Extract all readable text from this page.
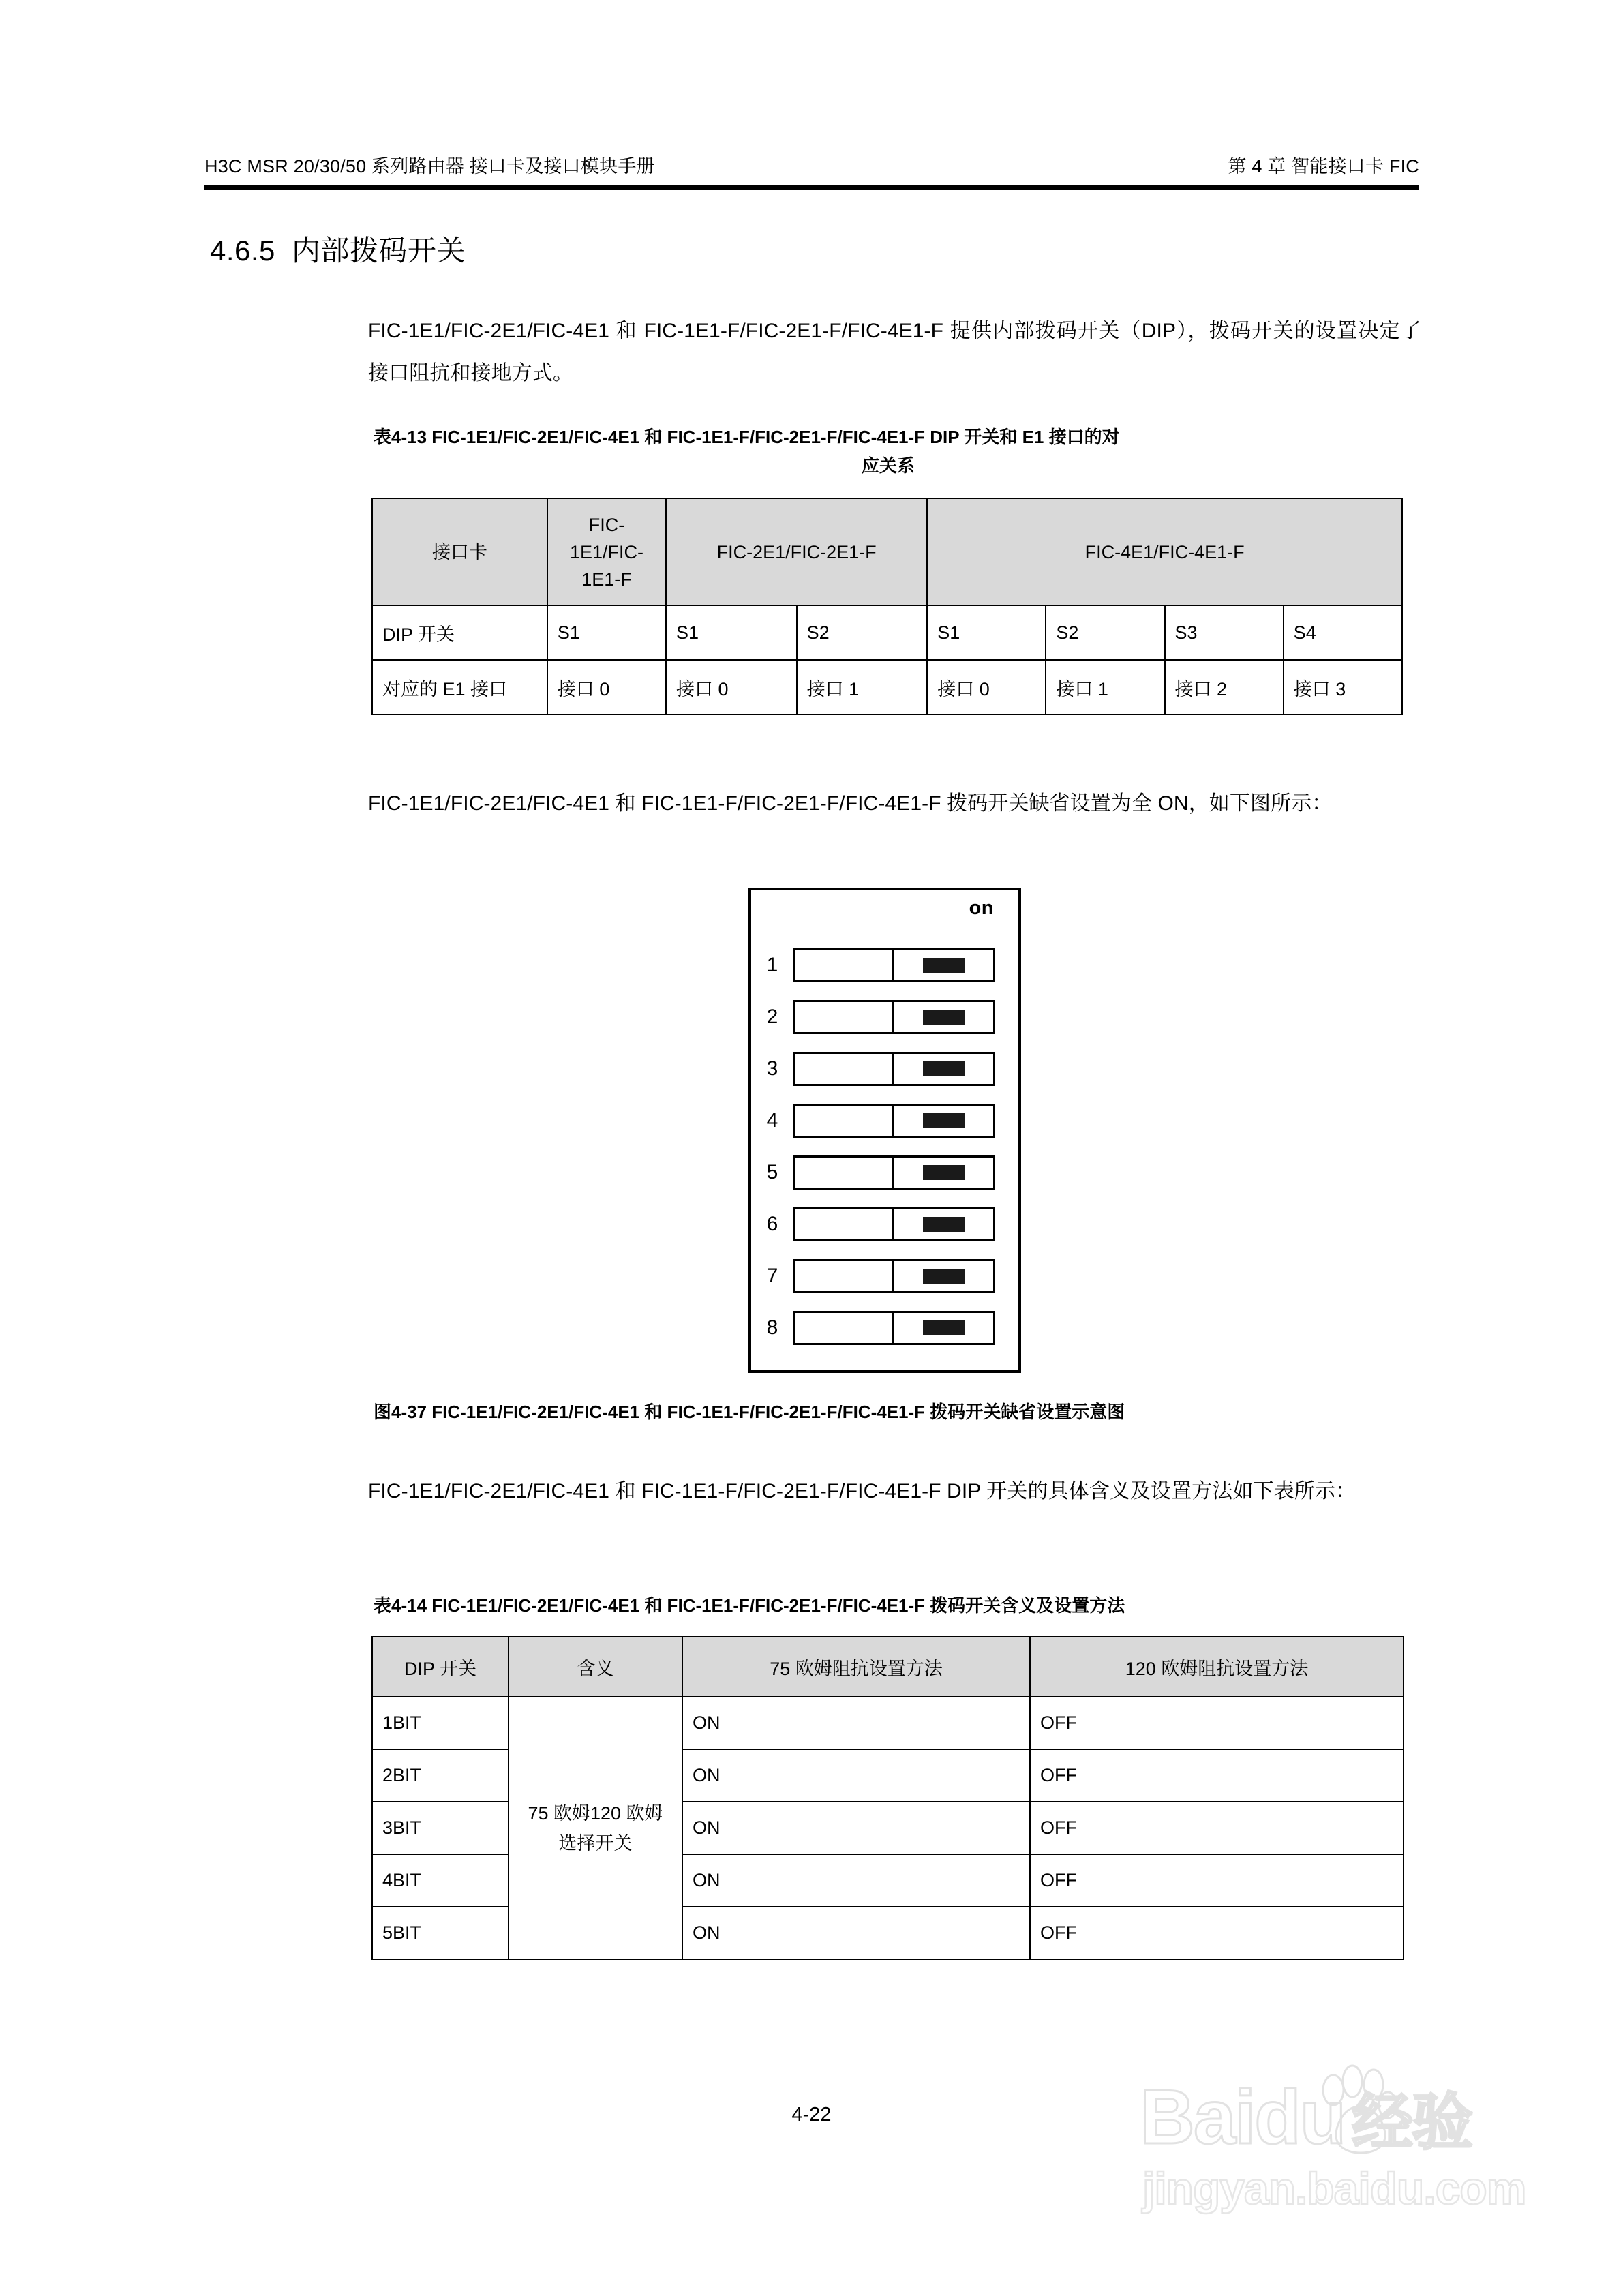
H3C MSR 20/30/50 系列路由器 接口卡及接口模块手册	第 4 章 智能接口卡 FIC
4.6.5 内部拨码开关
FIC-1E1/FIC-2E1/FIC-4E1 和 FIC-1E1-F/FIC-2E1-F/FIC-4E1-F 提供内部拨码开关（DIP），拨码开关的设置决定了接口阻抗和接地方式。
表4-13 FIC-1E1/FIC-2E1/FIC-4E1 和 FIC-1E1-F/FIC-2E1-F/FIC-4E1-F DIP 开关和 E1 接口的对
应关系
接口卡	FIC-1E1/FIC-1E1-F	FIC-2E1/FIC-2E1-F		FIC-4E1/FIC-4E1-F			
DIP 开关	S1	S1	S2	S1	S2	S3	S4
对应的 E1 接口	接口 0	接口 0	接口 1	接口 0	接口 1	接口 2	接口 3
FIC-1E1/FIC-2E1/FIC-4E1 和 FIC-1E1-F/FIC-2E1-F/FIC-4E1-F 拨码开关缺省设置为全 ON，如下图所示：
on
1
2
3
4
5
6
7
8
图4-37 FIC-1E1/FIC-2E1/FIC-4E1 和 FIC-1E1-F/FIC-2E1-F/FIC-4E1-F 拨码开关缺省设置示意图
FIC-1E1/FIC-2E1/FIC-4E1 和 FIC-1E1-F/FIC-2E1-F/FIC-4E1-F DIP 开关的具体含义及设置方法如下表所示：
表4-14 FIC-1E1/FIC-2E1/FIC-4E1 和 FIC-1E1-F/FIC-2E1-F/FIC-4E1-F 拨码开关含义及设置方法
DIP 开关	含义	75 欧姆阻抗设置方法	120 欧姆阻抗设置方法
1BIT	75 欧姆120 欧姆选择开关	ON	OFF
2BIT		ON	OFF
3BIT		ON	OFF
4BIT		ON	OFF
5BIT		ON	OFF
4-22	Bai du 经验
jingyan.baidu.com
